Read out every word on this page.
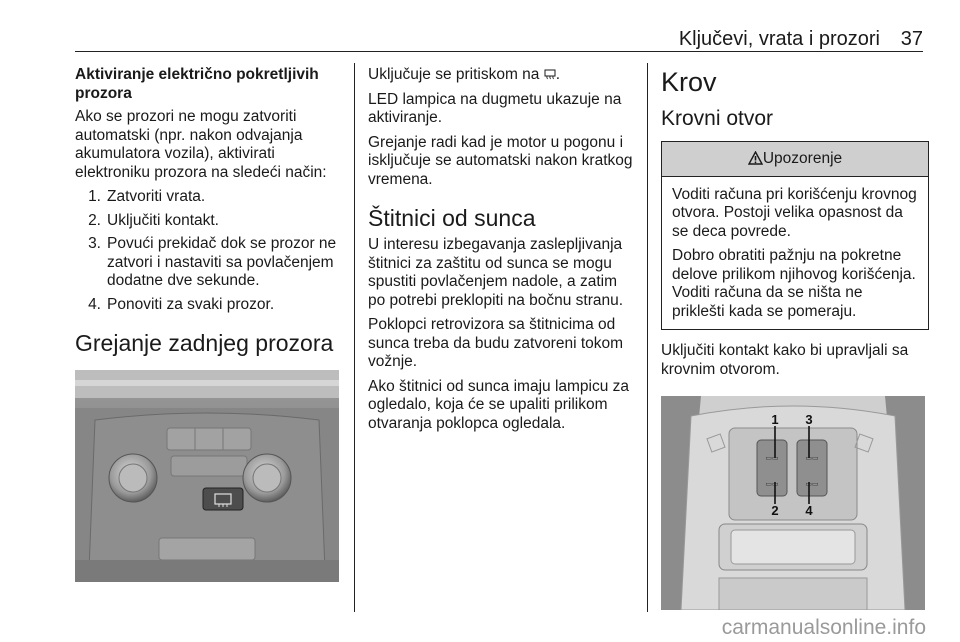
Ključevi, vrata i prozori 37
Aktiviranje električno pokretljivih prozora

Ako se prozori ne mogu zatvoriti automatski (npr. nakon odvajanja akumulatora vozila), aktivirati elektroniku prozora na sledeći način:

1. Zatvoriti vrata.
2. Uključiti kontakt.
3. Povući prekidač dok se prozor ne zatvori i nastaviti sa povlačenjem dodatne dve sekunde.
4. Ponoviti za svaki prozor.
Grejanje zadnjeg prozora

Uključuje se pritiskom na .

LED lampica na dugmetu ukazuje na aktiviranje.

Grejanje radi kad je motor u pogonu i isključuje se automatski nakon kratkog vremena.

Štitnici od sunca

U interesu izbegavanja zaslepljivanja štitnici za zaštitu od sunca se mogu spustiti povlačenjem nadole, a zatim po potrebi preklopiti na bočnu stranu.

Poklopci retrovizora sa štitnicima od sunca treba da budu zatvoreni tokom vožnje.

Ako štitnici od sunca imaju lampicu za ogledalo, koja će se upaliti prilikom otvaranja poklopca ogledala.

Krov
Krovni otvor
Upozorenje

Voditi računa pri korišćenju krovnog otvora. Postoji velika opasnost da se deca povrede.

Dobro obratiti pažnju na pokretne delove prilikom njihovog korišćenja. Voditi računa da se ništa ne priklešti kada se pomeraju.

Uključiti kontakt kako bi upravljali sa krovnim otvorom.

▭▭	▭▭
▭▭	▭▭
1 3
2 4
carmanualsonline.info
